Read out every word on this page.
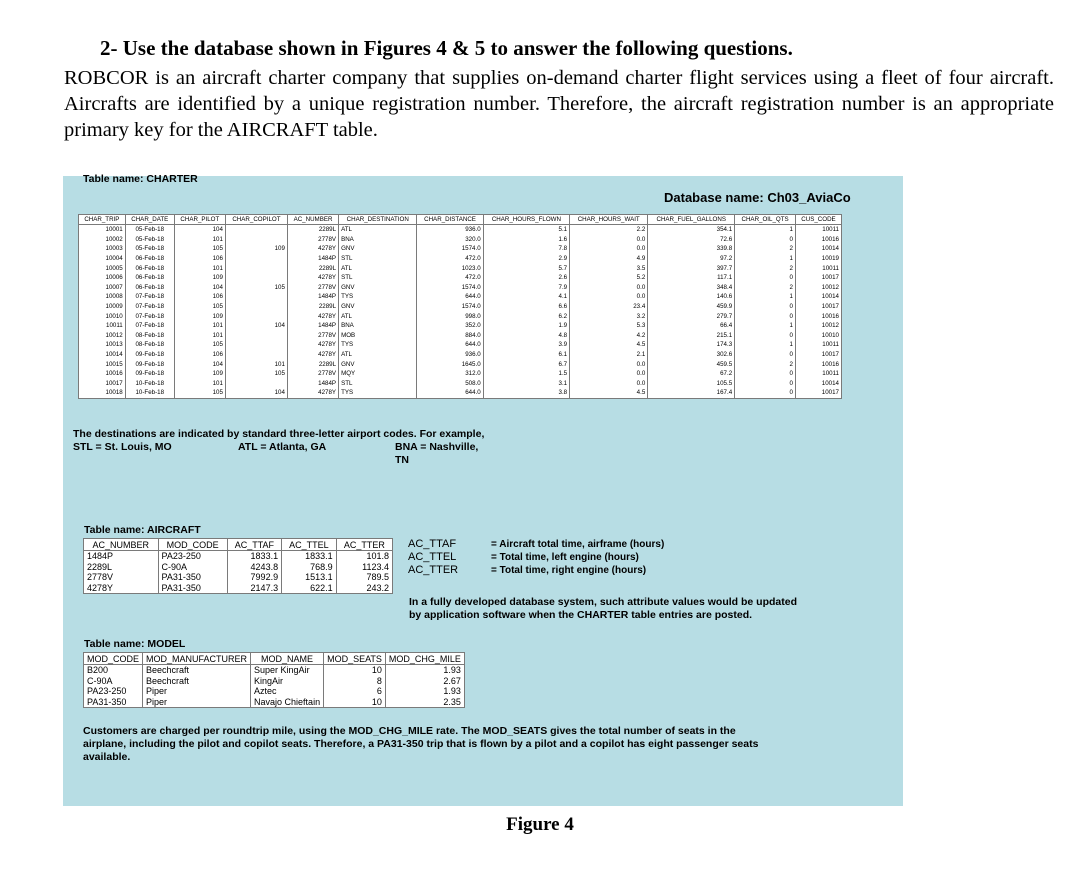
2- Use the database shown in Figures 4 & 5 to answer the following questions.
ROBCOR is an aircraft charter company that supplies on-demand charter flight services using a fleet of four aircraft. Aircrafts are identified by a unique registration number. Therefore, the aircraft registration number is an appropriate primary key for the AIRCRAFT table.
Table name: CHARTER
Database name: Ch03_AviaCo
CHAR_TRIP	CHAR_DATE	CHAR_PILOT	CHAR_COPILOT	AC_NUMBER	CHAR_DESTINATION	CHAR_DISTANCE	CHAR_HOURS_FLOWN	CHAR_HOURS_WAIT	CHAR_FUEL_GALLONS	CHAR_OIL_QTS	CUS_CODE
10001	05-Feb-18	104		2289L	ATL	936.0	5.1	2.2	354.1	1	10011
10002	05-Feb-18	101		2778V	BNA	320.0	1.6	0.0	72.6	0	10016
10003	05-Feb-18	105	109	4278Y	GNV	1574.0	7.8	0.0	339.8	2	10014
10004	06-Feb-18	106		1484P	STL	472.0	2.9	4.9	97.2	1	10019
10005	06-Feb-18	101		2289L	ATL	1023.0	5.7	3.5	397.7	2	10011
10006	06-Feb-18	109		4278Y	STL	472.0	2.6	5.2	117.1	0	10017
10007	06-Feb-18	104	105	2778V	GNV	1574.0	7.9	0.0	348.4	2	10012
10008	07-Feb-18	106		1484P	TYS	644.0	4.1	0.0	140.6	1	10014
10009	07-Feb-18	105		2289L	GNV	1574.0	6.6	23.4	459.9	0	10017
10010	07-Feb-18	109		4278Y	ATL	998.0	6.2	3.2	279.7	0	10016
10011	07-Feb-18	101	104	1484P	BNA	352.0	1.9	5.3	66.4	1	10012
10012	08-Feb-18	101		2778V	MOB	884.0	4.8	4.2	215.1	0	10010
10013	08-Feb-18	105		4278Y	TYS	644.0	3.9	4.5	174.3	1	10011
10014	09-Feb-18	106		4278Y	ATL	936.0	6.1	2.1	302.6	0	10017
10015	09-Feb-18	104	101	2289L	GNV	1645.0	6.7	0.0	459.5	2	10016
10016	09-Feb-18	109	105	2778V	MQY	312.0	1.5	0.0	67.2	0	10011
10017	10-Feb-18	101		1484P	STL	508.0	3.1	0.0	105.5	0	10014
10018	10-Feb-18	105	104	4278Y	TYS	644.0	3.8	4.5	167.4	0	10017
The destinations are indicated by standard three-letter airport codes. For example,
STL = St. Louis, MO	ATL = Atlanta, GA	BNA = Nashville, TN
Table name: AIRCRAFT
AC_NUMBER	MOD_CODE	AC_TTAF	AC_TTEL	AC_TTER
1484P	PA23-250	1833.1	1833.1	101.8
2289L	C-90A	4243.8	768.9	1123.4
2778V	PA31-350	7992.9	1513.1	789.5
4278Y	PA31-350	2147.3	622.1	243.2
AC_TTAF	= Aircraft total time, airframe (hours)
AC_TTEL	= Total time, left engine (hours)
AC_TTER	= Total time, right engine (hours)
In a fully developed database system, such attribute values would be updated
by application software when the CHARTER table entries are posted.
Table name: MODEL
MOD_CODE	MOD_MANUFACTURER	MOD_NAME	MOD_SEATS	MOD_CHG_MILE
B200	Beechcraft	Super KingAir	10	1.93
C-90A	Beechcraft	KingAir	8	2.67
PA23-250	Piper	Aztec	6	1.93
PA31-350	Piper	Navajo Chieftain	10	2.35
Customers are charged per roundtrip mile, using the MOD_CHG_MILE rate. The MOD_SEATS gives the total number of seats in the
airplane, including the pilot and copilot seats. Therefore, a PA31-350 trip that is flown by a pilot and a copilot has eight passenger seats
available.
Figure 4
